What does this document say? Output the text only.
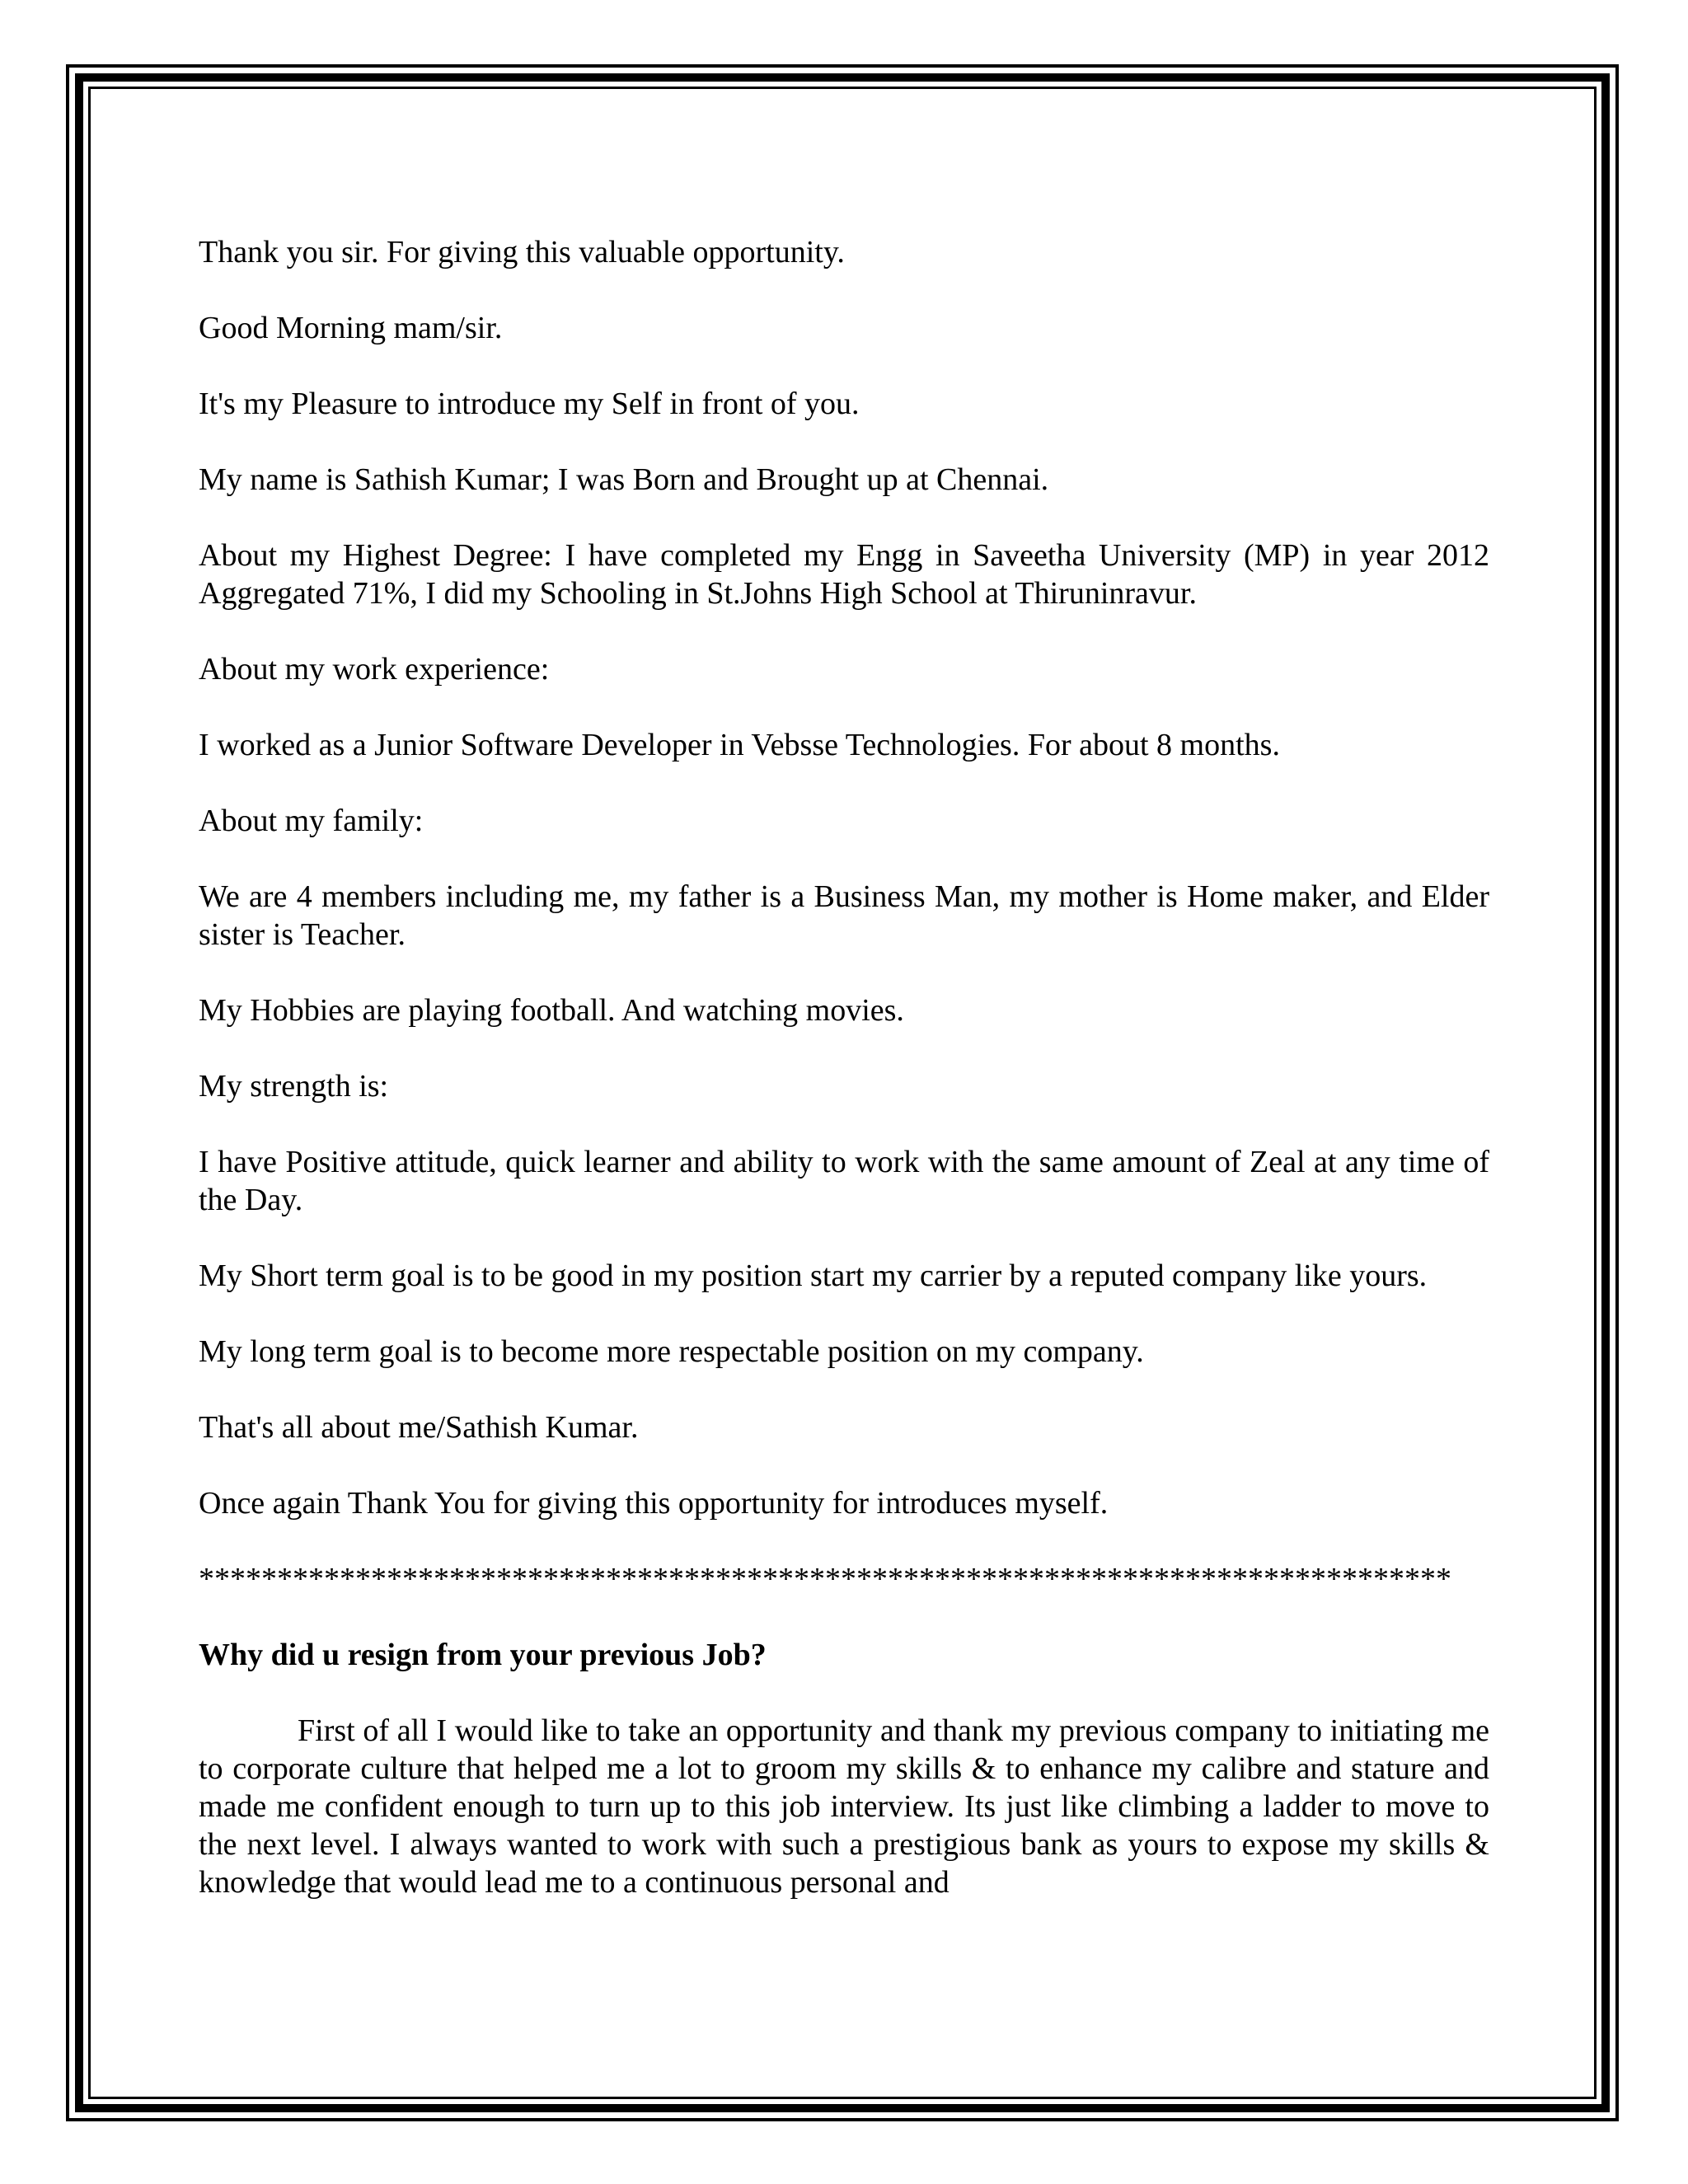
Thank you sir. For giving this valuable opportunity.

Good Morning mam/sir.

It's my Pleasure to introduce my Self in front of you.

My name is Sathish Kumar; I was Born and Brought up at Chennai.

About my Highest Degree: I have completed my Engg in Saveetha University (MP) in year 2012 Aggregated 71%, I did my Schooling in St.Johns High School at Thiruninravur.

About my work experience:

I worked as a Junior Software Developer in Vebsse Technologies. For about 8 months.

About my family:

We are 4 members including me, my father is a Business Man, my mother is Home maker, and Elder sister is Teacher.

My Hobbies are playing football. And watching movies.

My strength is:

I have Positive attitude, quick learner and ability to work with the same amount of Zeal at any time of the Day.

My Short term goal is to be good in my position start my carrier by a reputed company like yours.

My long term goal is to become more respectable position on my company.

That's all about me/Sathish Kumar.

Once again Thank You for giving this opportunity for introduces myself.

********************************************************************************

Why did u resign from your previous Job?

First of all I would like to take an opportunity and thank my previous company to initiating me to corporate culture that helped me a lot to groom my skills & to enhance my calibre and stature and made me confident enough to turn up to this job interview. Its just like climbing a ladder to move to the next level. I always wanted to work with such a prestigious bank as yours to expose my skills & knowledge that would lead me to a continuous personal and
